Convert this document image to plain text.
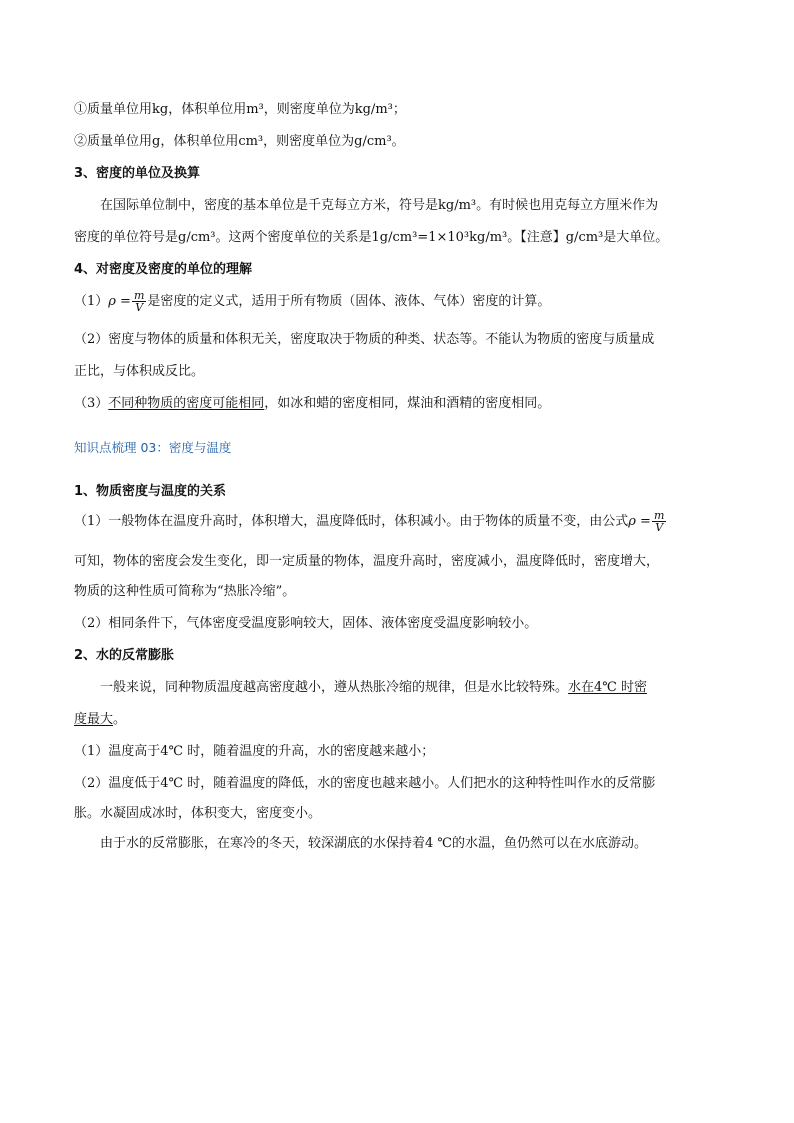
①质量单位用kg，体积单位用m³，则密度单位为kg/m³；
②质量单位用g，体积单位用cm³，则密度单位为g/cm³。
3、密度的单位及换算
在国际单位制中，密度的基本单位是千克每立方米，符号是kg/m³。有时候也用克每立方厘米作为
密度的单位符号是g/cm³。这两个密度单位的关系是1g/cm³=1×10³kg/m³。【注意】g/cm³是大单位。
4、对密度及密度的单位的理解
$(1)\rho = \frac{m}{V}$ 是密度的定义式，适用于所有物质（固体、液体、气体）密度的计算。
（2）密度与物体的质量和体积无关，密度取决于物质的种类、状态等。不能认为物质的密度与质量成
正比，与体积成反比。
（3）不同种物质的密度可能相同，如冰和蜡的密度相同，煤油和酒精的密度相同。
知识点梳理 03：密度与温度
1、物质密度与温度的关系
（1）一般物体在温度升高时，体积增大，温度降低时，体积减小。由于物体的质量不变，由公式$\rho = \frac{m}{V}$
可知，物体的密度会发生变化，即一定质量的物体，温度升高时，密度减小，温度降低时，密度增大，
物质的这种性质可简称为“热胀冷缩”。
（2）相同条件下，气体密度受温度影响较大，固体、液体密度受温度影响较小。
2、水的反常膨胀
一般来说，同种物质温度越高密度越小，遵从热胀冷缩的规律，但是水比较特殊。水在4℃ 时密
度最大。
（1）温度高于4℃ 时，随着温度的升高，水的密度越来越小；
（2）温度低于4℃ 时，随着温度的降低，水的密度也越来越小。人们把水的这种特性叫作水的反常膨
胀。水凝固成冰时，体积变大，密度变小。
由于水的反常膨胀，在寒冷的冬天，较深湖底的水保持着4 ℃的水温，鱼仍然可以在水底游动。
